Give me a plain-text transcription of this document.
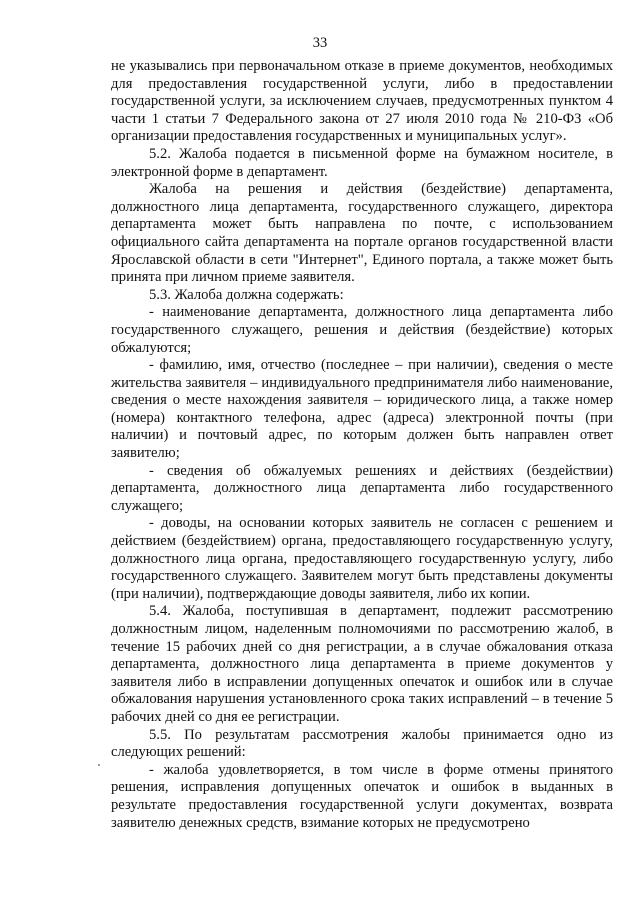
33

не указывались при первоначальном отказе в приеме документов, необходимых для предоставления государственной услуги, либо в предоставлении государственной услуги, за исключением случаев, предусмотренных пунктом 4 части 1 статьи 7 Федерального закона от 27 июля 2010 года № 210-ФЗ «Об организации предоставления государственных и муниципальных услуг».

5.2. Жалоба подается в письменной форме на бумажном носителе, в электронной форме в департамент.

Жалоба на решения и действия (бездействие) департамента, должностного лица департамента, государственного служащего, директора департамента может быть направлена по почте, с использованием официального сайта департамента на портале органов государственной власти Ярославской области в сети "Интернет", Единого портала, а также может быть принята при личном приеме заявителя.

5.3. Жалоба должна содержать:

- наименование департамента, должностного лица департамента либо государственного служащего, решения и действия (бездействие) которых обжалуются;

- фамилию, имя, отчество (последнее – при наличии), сведения о месте жительства заявителя – индивидуального предпринимателя либо наименование, сведения о месте нахождения заявителя – юридического лица, а также номер (номера) контактного телефона, адрес (адреса) электронной почты (при наличии) и почтовый адрес, по которым должен быть направлен ответ заявителю;

- сведения об обжалуемых решениях и действиях (бездействии) департамента, должностного лица департамента либо государственного служащего;

- доводы, на основании которых заявитель не согласен с решением и действием (бездействием) органа, предоставляющего государственную услугу, должностного лица органа, предоставляющего государственную услугу, либо государственного служащего. Заявителем могут быть представлены документы (при наличии), подтверждающие доводы заявителя, либо их копии.

5.4. Жалоба, поступившая в департамент, подлежит рассмотрению должностным лицом, наделенным полномочиями по рассмотрению жалоб, в течение 15 рабочих дней со дня регистрации, а в случае обжалования отказа департамента, должностного лица департамента в приеме документов у заявителя либо в исправлении допущенных опечаток и ошибок или в случае обжалования нарушения установленного срока таких исправлений – в течение 5 рабочих дней со дня ее регистрации.

5.5. По результатам рассмотрения жалобы принимается одно из следующих решений:

- жалоба удовлетворяется, в том числе в форме отмены принятого решения, исправления допущенных опечаток и ошибок в выданных в результате предоставления государственной услуги документах, возврата заявителю денежных средств, взимание которых не предусмотрено
